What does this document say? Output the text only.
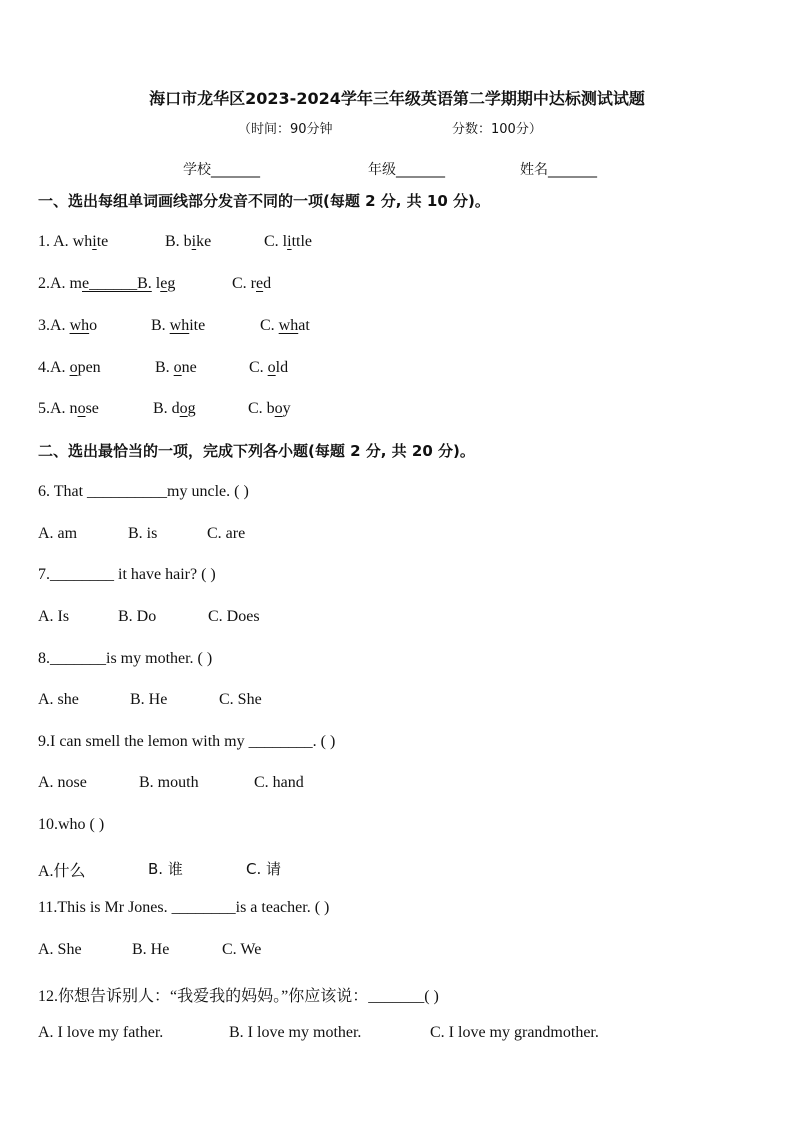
海口市龙华区2023-2024学年三年级英语第二学期期中达标测试试题
（时间：90分钟	分数：100分）
学校_______	年级_______	姓名_______
一、选出每组单词画线部分发音不同的一项(每题 2 分, 共 10 分)。
1. A. white	B. bike	C. little
2.A. me______B. leg	C. red
3.A. who	B. white	C. what
4.A. open	B. one	C. old
5.A. nose	B. dog	C. boy
二、选出最恰当的一项，完成下列各小题(每题 2 分, 共 20 分)。
6. That __________my uncle. ( )
A. am	B. is	C. are
7.________ it have hair? ( )
A. Is	B. Do	C. Does
8._______is my mother. ( )
A. she	B. He	C. She
9.I can smell the lemon with my ________. ( )
A. nose	B. mouth	C. hand
10.who ( )
A.什么	B. 谁	C. 请
11.This is Mr Jones. ________is a teacher. ( )
A. She	B. He	C. We
12.你想告诉别人：“我爱我的妈妈。”你应该说：_______( )
A. I love my father.	B. I love my mother.	C. I love my grandmother.
